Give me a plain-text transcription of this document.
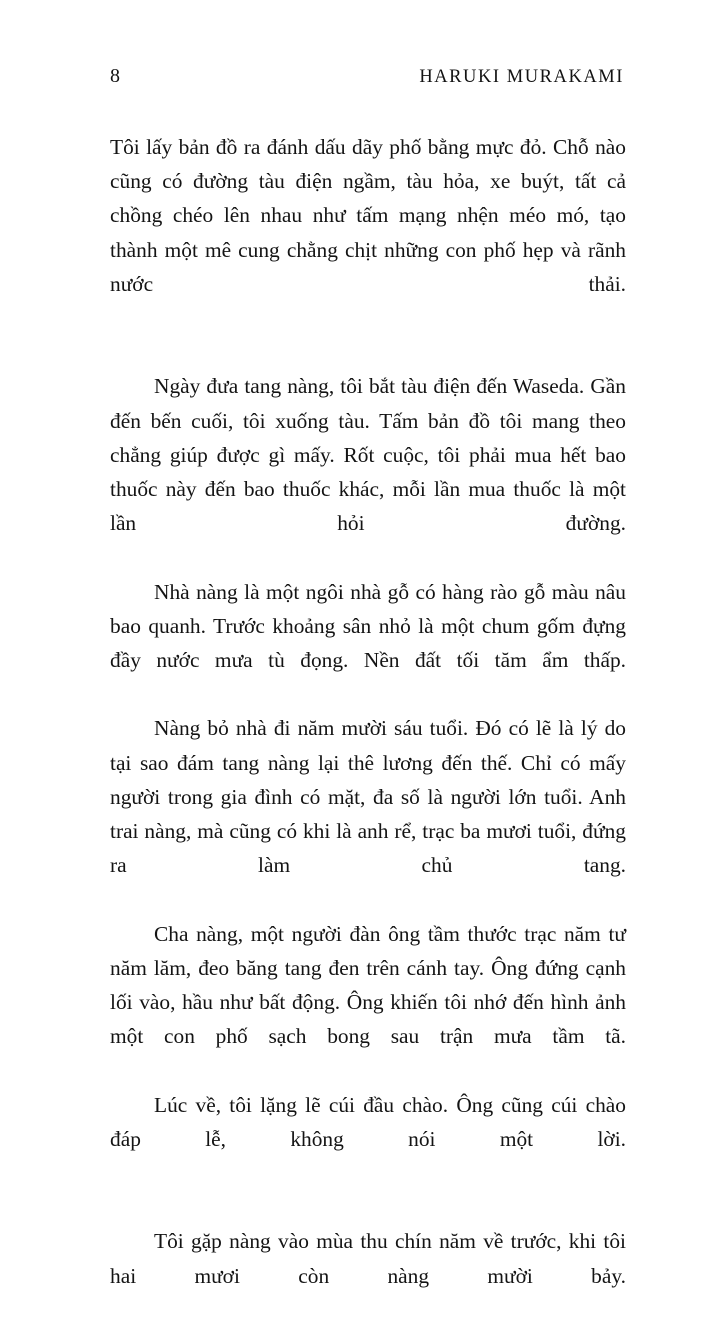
8	HARUKI MURAKAMI

Tôi lấy bản đồ ra đánh dấu dãy phố bằng mực đỏ. Chỗ nào cũng có đường tàu điện ngầm, tàu hỏa, xe buýt, tất cả chồng chéo lên nhau như tấm mạng nhện méo mó, tạo thành một mê cung chằng chịt những con phố hẹp và rãnh nước thải.

Ngày đưa tang nàng, tôi bắt tàu điện đến Waseda. Gần đến bến cuối, tôi xuống tàu. Tấm bản đồ tôi mang theo chẳng giúp được gì mấy. Rốt cuộc, tôi phải mua hết bao thuốc này đến bao thuốc khác, mỗi lần mua thuốc là một lần hỏi đường.

Nhà nàng là một ngôi nhà gỗ có hàng rào gỗ màu nâu bao quanh. Trước khoảng sân nhỏ là một chum gốm đựng đầy nước mưa tù đọng. Nền đất tối tăm ẩm thấp.

Nàng bỏ nhà đi năm mười sáu tuổi. Đó có lẽ là lý do tại sao đám tang nàng lại thê lương đến thế. Chỉ có mấy người trong gia đình có mặt, đa số là người lớn tuổi. Anh trai nàng, mà cũng có khi là anh rể, trạc ba mươi tuổi, đứng ra làm chủ tang.

Cha nàng, một người đàn ông tầm thước trạc năm tư năm lăm, đeo băng tang đen trên cánh tay. Ông đứng cạnh lối vào, hầu như bất động. Ông khiến tôi nhớ đến hình ảnh một con phố sạch bong sau trận mưa tầm tã.

Lúc về, tôi lặng lẽ cúi đầu chào. Ông cũng cúi chào đáp lễ, không nói một lời.

Tôi gặp nàng vào mùa thu chín năm về trước, khi tôi hai mươi còn nàng mười bảy.
